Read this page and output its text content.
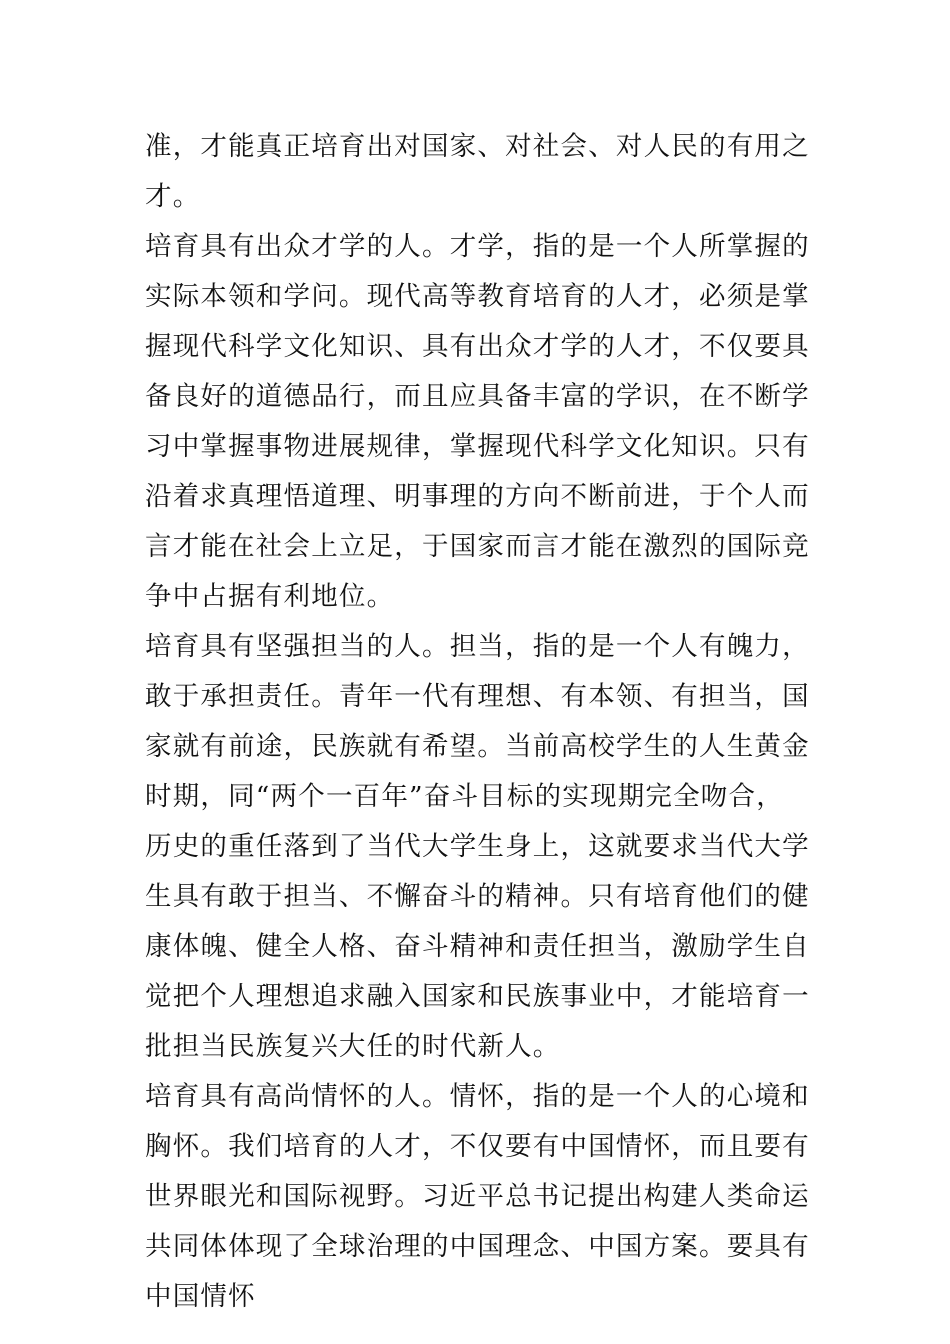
准，才能真正培育出对国家、对社会、对人民的有用之才。

培育具有出众才学的人。才学，指的是一个人所掌握的实际本领和学问。现代高等教育培育的人才，必须是掌握现代科学文化知识、具有出众才学的人才，不仅要具备良好的道德品行，而且应具备丰富的学识，在不断学习中掌握事物进展规律，掌握现代科学文化知识。只有沿着求真理悟道理、明事理的方向不断前进，于个人而言才能在社会上立足，于国家而言才能在激烈的国际竞争中占据有利地位。

培育具有坚强担当的人。担当，指的是一个人有魄力，敢于承担责任。青年一代有理想、有本领、有担当，国家就有前途，民族就有希望。当前高校学生的人生黄金时期，同“两个一百年”奋斗目标的实现期完全吻合，历史的重任落到了当代大学生身上，这就要求当代大学生具有敢于担当、不懈奋斗的精神。只有培育他们的健康体魄、健全人格、奋斗精神和责任担当，激励学生自觉把个人理想追求融入国家和民族事业中，才能培育一批担当民族复兴大任的时代新人。

培育具有高尚情怀的人。情怀，指的是一个人的心境和胸怀。我们培育的人才，不仅要有中国情怀，而且要有世界眼光和国际视野。习近平总书记提出构建人类命运共同体体现了全球治理的中国理念、中国方案。要具有中国情怀
